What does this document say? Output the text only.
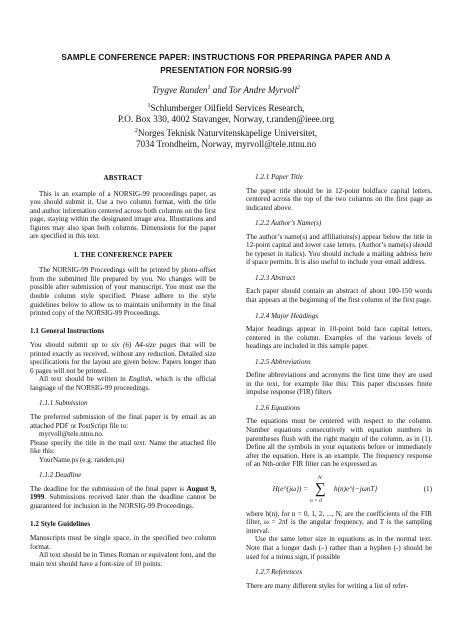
SAMPLE CONFERENCE PAPER: INSTRUCTIONS FOR PREPARINGA PAPER AND A
PRESENTATION FOR NORSIG-99
Trygve Randen$^1$ and Tor Andre Myrvoll$^2$
$^1$Schlumberger Oilfield Services Research,
P.O. Box 330, 4002 Stavanger, Norway, t.randen@ieee.org
$^2$Norges Teknisk Naturvitenskapelige Universitet,
7034 Trondheim, Norway, myrvoll@tele.ntnu.no
ABSTRACT

This is an example of a NORSIG-99 proceedings paper, as you should submit it. Use a two column format, with the title and author information centered across both columns on the first page, staying within the designated image area. Illustrations and figures may also span both columns. Dimensions for the paper are specified in this text.

1. THE CONFERENCE PAPER

The NORSIG-99 Proceedings will be printed by photo-offset from the submitted file prepared by you. No changes will be possible after submission of your manuscript. You must use the double column style specified. Please adhere to the style guidelines below to allow us to maintain uniformity in the final printed copy of the NORSIG-99 Proceedings.

1.1 General Instructions

You should submit up to six (6) A4-size pages that will be printed exactly as received, without any reduction. Detailed size specifications for the layout are given below. Papers longer than 6 pages will not be printed.

All text should be written in English, which is the official language of the NORSIG-99 proceedings.

1.1.1 Submission

The preferred submission of the final paper is by email as an attached PDF or PostScript file to:

myrvoll@tele.ntnu.no.

Please specify the title in the mail text. Name the attached file like this:

YourName.ps (e.g. randen.ps)

1.1.2 Deadline

The deadline for the submission of the final paper is August 9, 1999. Submissions received later than the deadline cannot be guaranteed for inclusion in the NORSIG-99 Proceedings.

1.2 Style Guidelines

Manuscripts must be single space, in the specified two column format.

All text should be in Times Roman or equivalent font, and the main text should have a font-size of 10 points.

1.2.1 Paper Title

The paper title should be in 12-point boldface capital letters, centered across the top of the two columns on the first page as indicated above.

1.2.2 Author’s Name(s)

The author’s name(s) and affiliations(s) appear below the title in 12-point capital and lower case letters. (Author’s name(s) should be typeset in italics). You should include a mailing address here if space permits. It is also useful to include your email address.

1.2.3 Abstract

Each paper should contain an abstract of about 100-150 words that appears at the beginning of the first column of the first page.

1.2.4 Major Headings

Major headings appear in 10-point bold face capital letters, centered in the column. Examples of the various levels of headings are included in this sample paper.

1.2.5 Abbreviations

Define abbreviations and acronyms the first time they are used in the text, for example like this: This paper discusses finite impulse response (FIR) filters

1.2.6 Equations

The equations must be centered with respect to the column. Number equations consecutively with equation numbers in parentheses flush with the right margin of the column, as in (1). Define all the symbols in your equations before or immediately after the equation. Here is an example. The frequency response of an Nth-order FIR filter can be expressed as

H(e^{jω}) =
N
∑
n = 0
h(n)e^{−jωnT}	(1)

where h(n), for n = 0, 1, 2, ..., N, are the coefficients of the FIR filter, ω = 2πf is the angular frequency, and T is the sampling interval.

Use the same letter size in equations as in the normal text. Note that a longer dash (–) rather than a hyphen (-) should be used for a minus sign, if possible

1.2.7 References

There are many different styles for writing a list of refer-
